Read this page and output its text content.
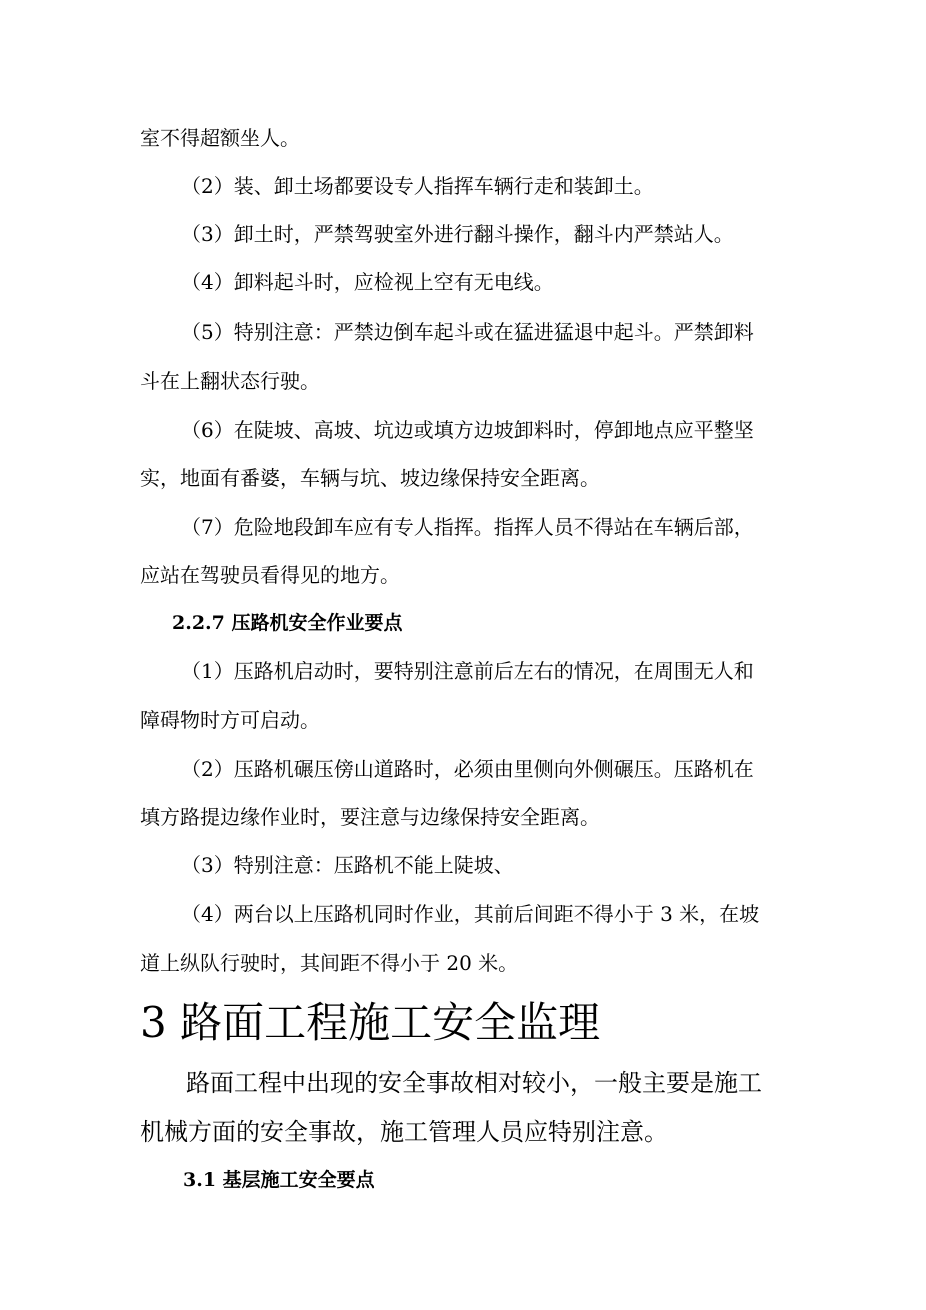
室不得超额坐人。
（2）装、卸土场都要设专人指挥车辆行走和装卸土。
（3）卸土时，严禁驾驶室外进行翻斗操作，翻斗内严禁站人。
（4）卸料起斗时，应检视上空有无电线。
（5）特别注意：严禁边倒车起斗或在猛进猛退中起斗。严禁卸料
斗在上翻状态行驶。
（6）在陡坡、高坡、坑边或填方边坡卸料时，停卸地点应平整坚
实，地面有番婆，车辆与坑、坡边缘保持安全距离。
（7）危险地段卸车应有专人指挥。指挥人员不得站在车辆后部，
应站在驾驶员看得见的地方。
2.2.7 压路机安全作业要点
（1）压路机启动时，要特别注意前后左右的情况，在周围无人和
障碍物时方可启动。
（2）压路机碾压傍山道路时，必须由里侧向外侧碾压。压路机在
填方路提边缘作业时，要注意与边缘保持安全距离。
（3）特别注意：压路机不能上陡坡、
（4）两台以上压路机同时作业，其前后间距不得小于 3 米，在坡
道上纵队行驶时，其间距不得小于 20 米。
3 路面工程施工安全监理
路面工程中出现的安全事故相对较小，一般主要是施工
机械方面的安全事故，施工管理人员应特别注意。
3.1 基层施工安全要点
